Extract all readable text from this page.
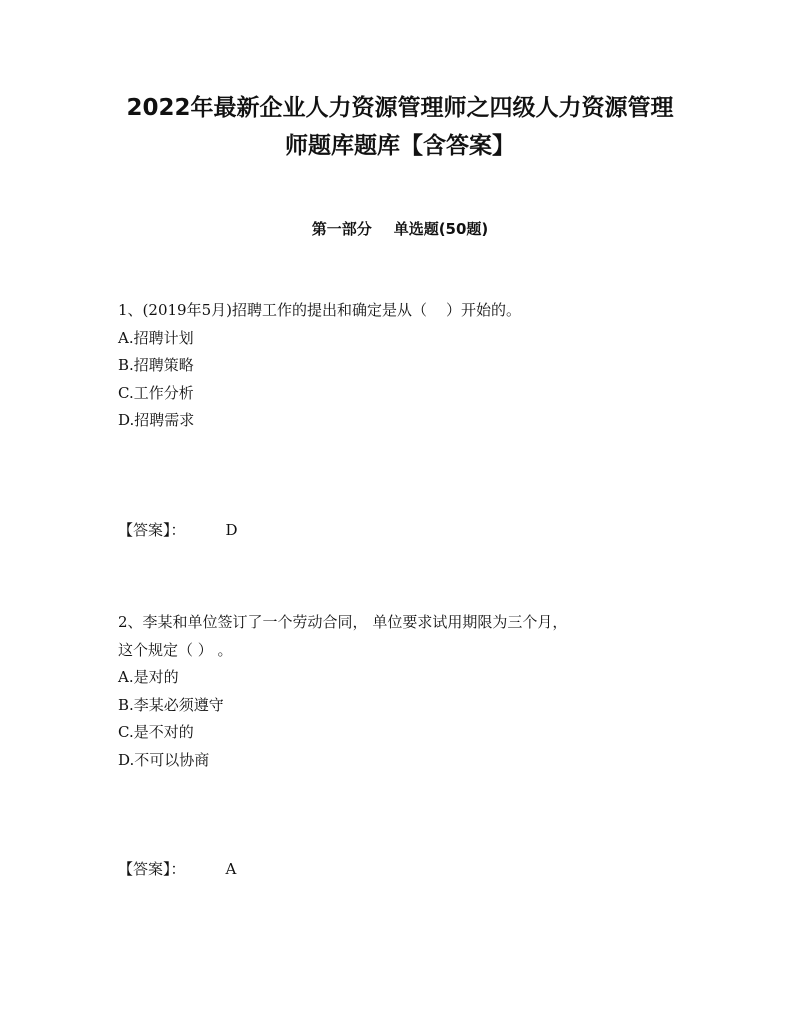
2022年最新企业人力资源管理师之四级人力资源管理
师题库题库【含答案】
第一部分 单选题(50题)
1、(2019年5月)招聘工作的提出和确定是从（    ）开始的。
A.招聘计划
B.招聘策略
C.工作分析
D.招聘需求
【答案】：	D
2、李某和单位签订了一个劳动合同， 单位要求试用期限为三个月，
这个规定（ ） 。
A.是对的
B.李某必须遵守
C.是不对的
D.不可以协商
【答案】：	A
